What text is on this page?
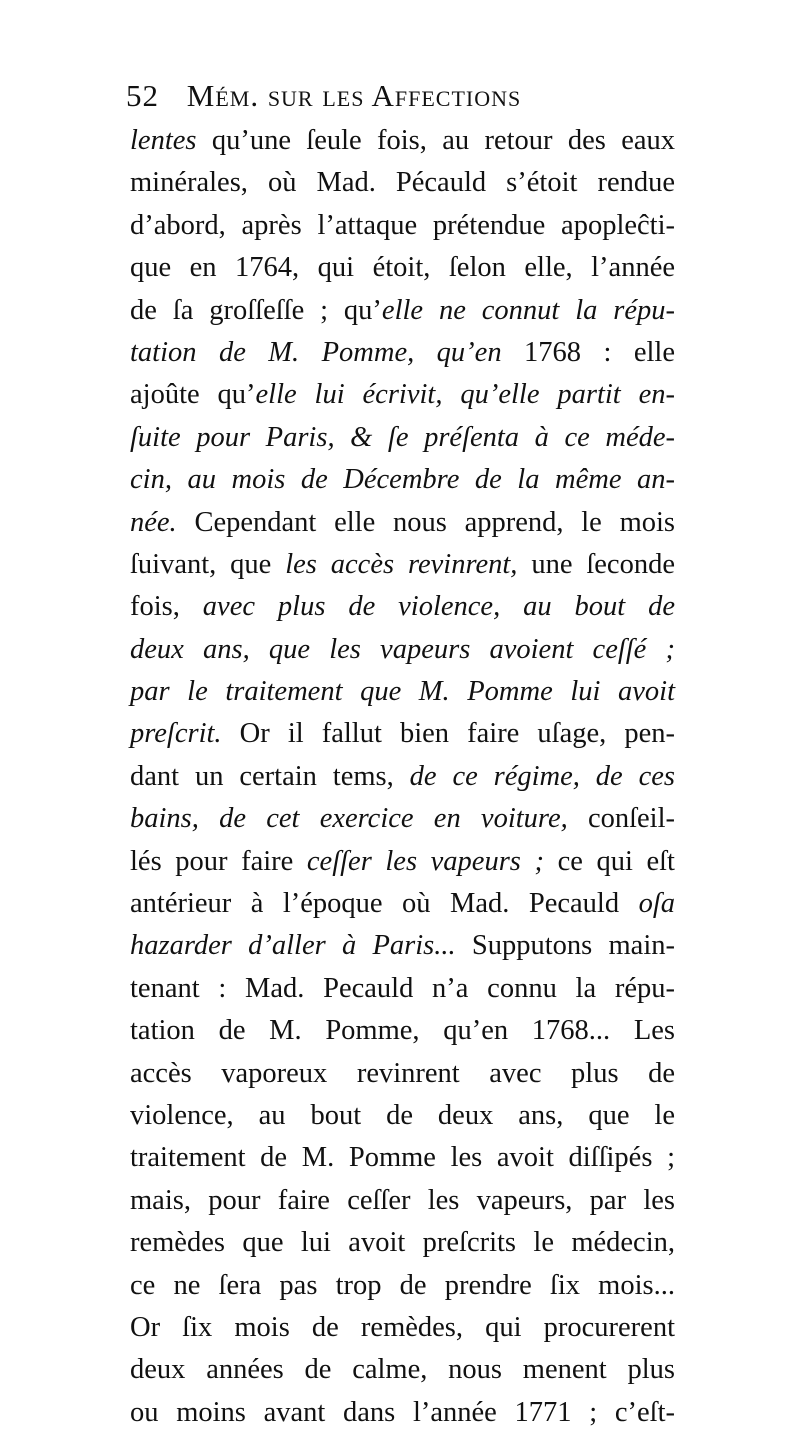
52 Mém. sur les Affections
lentes qu’une ſeule fois, au retour des eaux
minérales, où Mad. Pécauld s’étoit rendue
d’abord, après l’attaque prétendue apopleĉti-
que en 1764, qui étoit, ſelon elle, l’année
de ſa groſſeſſe ; qu’elle ne connut la répu-
tation de M. Pomme, qu’en 1768 : elle
ajoûte qu’elle lui écrivit, qu’elle partit en-
ſuite pour Paris, & ſe préſenta à ce méde-
cin, au mois de Décembre de la même an-
née. Cependant elle nous apprend, le mois
ſuivant, que les accès revinrent, une ſeconde
fois, avec plus de violence, au bout de
deux ans, que les vapeurs avoient ceſſé ;
par le traitement que M. Pomme lui avoit
preſcrit. Or il fallut bien faire uſage, pen-
dant un certain tems, de ce régime, de ces
bains, de cet exercice en voiture, conſeil-
lés pour faire ceſſer les vapeurs ; ce qui eſt
antérieur à l’époque où Mad. Pecauld oſa
hazarder d’aller à Paris... Supputons main-
tenant : Mad. Pecauld n’a connu la répu-
tation de M. Pomme, qu’en 1768... Les
accès vaporeux revinrent avec plus de
violence, au bout de deux ans, que le
traitement de M. Pomme les avoit diſſipés ;
mais, pour faire ceſſer les vapeurs, par les
remèdes que lui avoit preſcrits le médecin,
ce ne ſera pas trop de prendre ſix mois...
Or ſix mois de remèdes, qui procurerent
deux années de calme, nous menent plus
ou moins avant dans l’année 1771 ; c’eſt-
